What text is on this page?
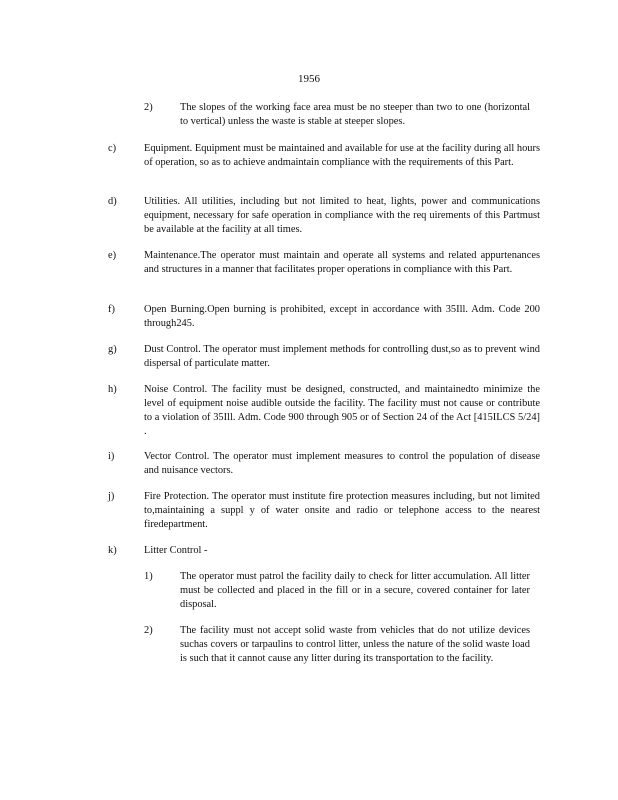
1956
2)	The slopes of the working face area must be no steeper than two to one (horizontal to vertical) unless the waste is stable at steeper slopes.
c)	Equipment. Equipment must be maintained and available for use at the facility during all hours of operation, so as to achieve andmaintain compliance with the requirements of this Part.
d)	Utilities. All utilities, including but not limited to heat, lights, power and communications equipment, necessary for safe operation in compliance with the req uirements of this Partmust be available at the facility at all times.
e)	Maintenance.The operator must maintain and operate all systems and related appurtenances and structures in a manner that facilitates proper operations in compliance with this Part.
f)	Open Burning.Open burning is prohibited, except in accordance with 35Ill. Adm. Code 200 through245.
g)	Dust Control. The operator must implement methods for controlling dust,so as to prevent wind dispersal of particulate matter.
h)	Noise Control. The facility must be designed, constructed, and maintainedto minimize the level of equipment noise audible outside the facility. The facility must not cause or contribute to a violation of 35Ill. Adm. Code 900 through 905 or of Section 24 of the Act [415ILCS 5/24] .
i)	Vector Control. The operator must implement measures to control the population of disease and nuisance vectors.
j)	Fire Protection. The operator must institute fire protection measures including, but not limited to,maintaining a suppl y of water onsite and radio or telephone access to the nearest firedepartment.
k)	Litter Control -
1)	The operator must patrol the facility daily to check for litter accumulation. All litter must be collected and placed in the fill or in a secure, covered container for later disposal.
2)	The facility must not accept solid waste from vehicles that do not utilize devices suchas covers or tarpaulins to control litter, unless the nature of the solid waste load is such that it cannot cause any litter during its transportation to the facility.
